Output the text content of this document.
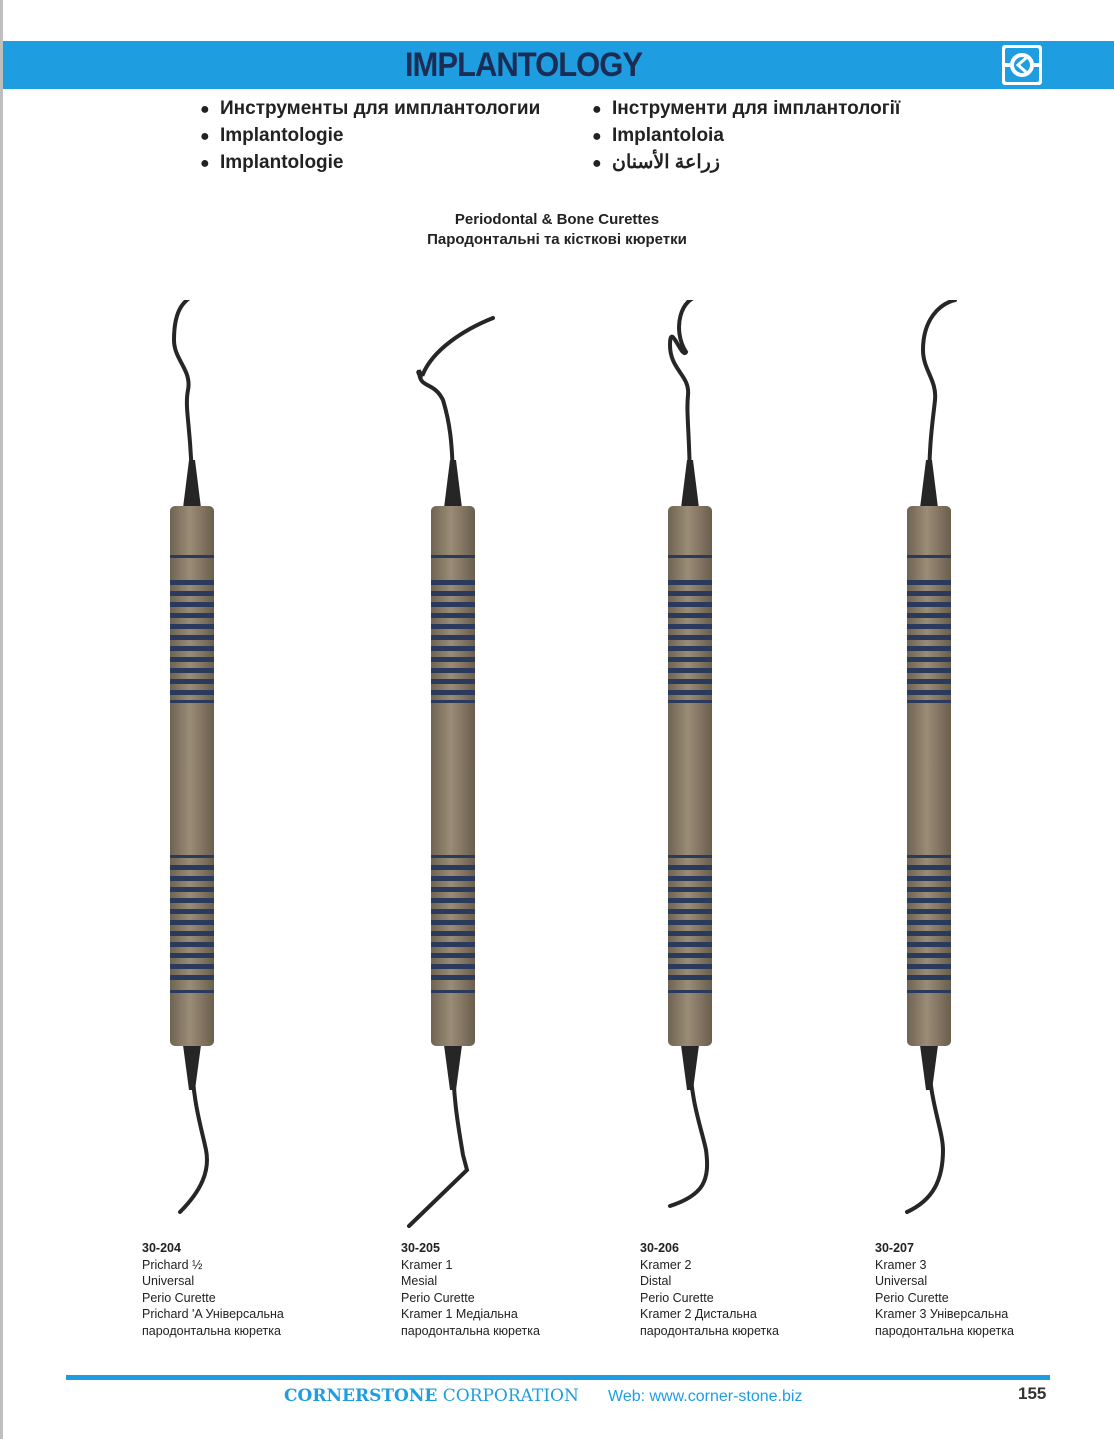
IMPLANTOLOGY
● Инструменты для имплантологии
● Implantologie
● Implantologie
● Інструменти для імплантології
● Implantoloia
● زراعة الأسنان
Periodontal & Bone Curettes
Пародонтальні та кісткові кюретки
30-204
Prichard ½
Universal
Perio Curette
Prichard 'A Універсальна
пародонтальна кюретка
30-205
Kramer 1
Mesial
Perio Curette
Kramer 1 Медіальна
пародонтальна кюретка
30-206
Kramer 2
Distal
Perio Curette
Kramer 2 Дистальна
пародонтальна кюретка
30-207
Kramer 3
Universal
Perio Curette
Kramer 3 Універсальна
пародонтальна кюретка
CORNERSTONE CORPORATION Web: www.corner-stone.biz	155
